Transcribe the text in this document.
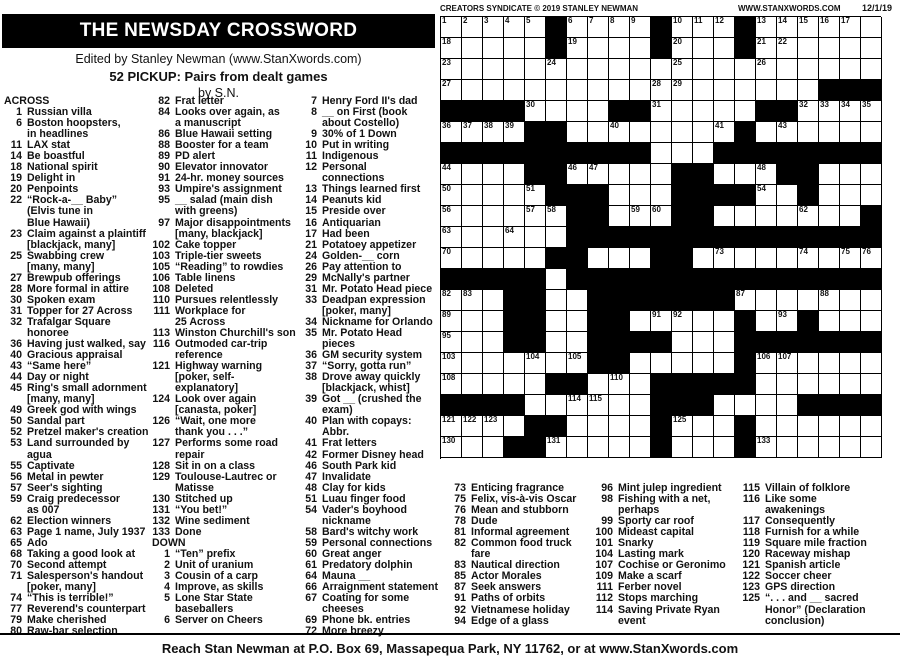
THE NEWSDAY CROSSWORD
Edited by Stanley Newman (www.StanXwords.com)
52 PICKUP: Pairs from dealt games
by S.N.
CREATORS SYNDICATE © 2019 STANLEY NEWMAN	WWW.STANXWORDS.COM 12/1/19
1 2 3 4 5	6 7 8 9	10 11 12	13 14 15 16 17
18	19	20	21 22
23	24	25	26
27	28 29
30	31	32 33 34 35
36 37 38 39	40	41	43
44	46 47	48
50	51	54
56	57 58	59 60	62
63	64
70	73	74	75 76
82 83	87	88
89	91 92	93
95
103	104	105	106 107
108	110
114 115
121 122 123	125
130	131	133
ACROSS
1 Russian villa
6 Boston hoopsters,
in headlines
11 LAX stat
14 Be boastful
18 National spirit
19 Delight in
20 Penpoints
22 “Rock-a-__ Baby”
(Elvis tune in
Blue Hawaii)
23 Claim against a plaintiff
[blackjack, many]
25 Swabbing crew
[many, many]
27 Brewpub offerings
28 More formal in attire
30 Spoken exam
31 Topper for 27 Across
32 Trafalgar Square
honoree
36 Having just walked, say
40 Gracious appraisal
43 “Same here”
44 Day or night
45 Ring's small adornment
[many, many]
49 Greek god with wings
50 Sandal part
52 Pretzel maker's creation
53 Land surrounded by
agua
55 Captivate
56 Metal in pewter
57 Seer's sighting
59 Craig predecessor
as 007
62 Election winners
63 Page 1 name, July 1937
65 Ado
68 Taking a good look at
70 Second attempt
71 Salesperson's handout
[poker, many]
74 “This is terrible!”
77 Reverend's counterpart
79 Make cherished
80 Raw-bar selection
82 Frat letter
84 Looks over again, as
a manuscript
86 Blue Hawaii setting
88 Booster for a team
89 PD alert
90 Elevator innovator
91 24-hr. money sources
93 Umpire's assignment
95 __ salad (main dish
with greens)
97 Major disappointments
[many, blackjack]
102 Cake topper
103 Triple-tier sweets
105 “Reading” to rowdies
106 Table linens
108 Deleted
110 Pursues relentlessly
111 Workplace for
25 Across
113 Winston Churchill's son
116 Outmoded car-trip
reference
121 Highway warning
[poker, self-
explanatory]
124 Look over again
[canasta, poker]
126 “Wait, one more
thank you . . .”
127 Performs some road
repair
128 Sit in on a class
129 Toulouse-Lautrec or
Matisse
130 Stitched up
131 “You bet!”
132 Wine sediment
133 Done
DOWN
1 “Ten” prefix
2 Unit of uranium
3 Cousin of a carp
4 Improve, as skills
5 Lone Star State
baseballers
6 Server on Cheers
7 Henry Ford II's dad
8 __ on First (book
about Costello)
9 30% of 1 Down
10 Put in writing
11 Indigenous
12 Personal
connections
13 Things learned first
14 Peanuts kid
15 Preside over
16 Antiquarian
17 Had been
21 Potatoey appetizer
24 Golden-__ corn
26 Pay attention to
29 McNally's partner
31 Mr. Potato Head piece
33 Deadpan expression
[poker, many]
34 Nickname for Orlando
35 Mr. Potato Head
pieces
36 GM security system
37 “Sorry, gotta run”
38 Drove away quickly
[blackjack, whist]
39 Got __ (crushed the
exam)
40 Plan with copays:
Abbr.
41 Frat letters
42 Former Disney head
46 South Park kid
47 Invalidate
48 Clay for kids
51 Luau finger food
54 Vader's boyhood
nickname
58 Bard's witchy work
59 Personal connections
60 Great anger
61 Predatory dolphin
64 Mauna __
66 Arraignment statement
67 Coating for some
cheeses
69 Phone bk. entries
72 More breezy
73 Enticing fragrance
75 Felix, vis-à-vis Oscar
76 Mean and stubborn
78 Dude
81 Informal agreement
82 Common food truck
fare
83 Nautical direction
85 Actor Morales
87 Seek answers
91 Paths of orbits
92 Vietnamese holiday
94 Edge of a glass
96 Mint julep ingredient
98 Fishing with a net,
perhaps
99 Sporty car roof
100 Mideast capital
101 Snarky
104 Lasting mark
107 Cochise or Geronimo
109 Make a scarf
111 Ferber novel
112 Stops marching
114 Saving Private Ryan
event
115 Villain of folklore
116 Like some
awakenings
117 Consequently
118 Furnish for a while
119 Square mile fraction
120 Raceway mishap
121 Spanish article
122 Soccer cheer
123 GPS direction
125 “. . . and __ sacred
Honor” (Declaration
conclusion)
Reach Stan Newman at P.O. Box 69, Massapequa Park, NY 11762, or at www.StanXwords.com
